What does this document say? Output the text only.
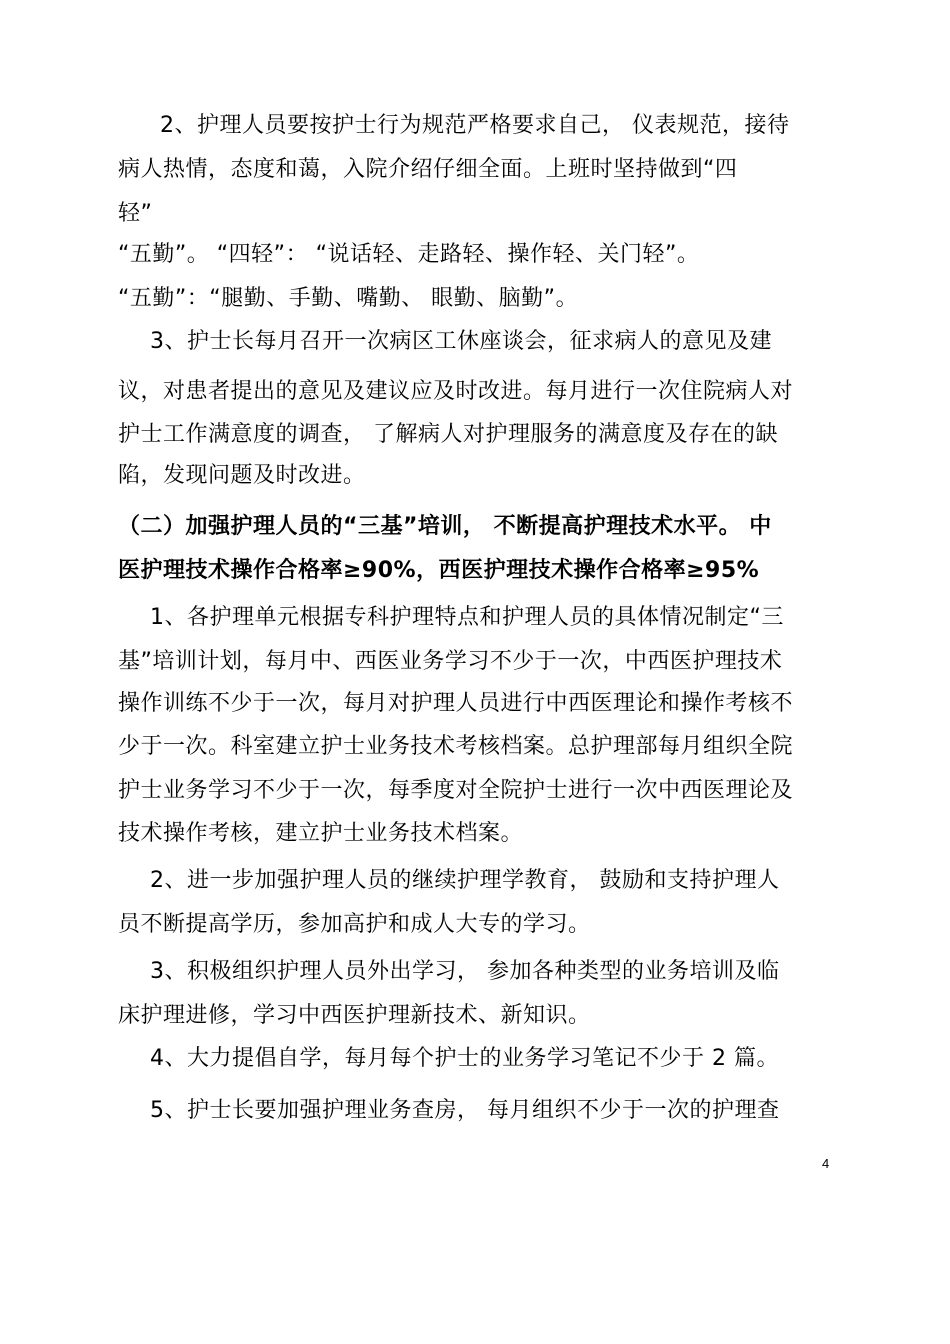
2、护理人员要按护士行为规范严格要求自己， 仪表规范，接待
病人热情，态度和蔼，入院介绍仔细全面。上班时坚持做到“四
轻”
“五勤”。 “四轻”： “说话轻、走路轻、操作轻、关门轻”。
“五勤”：“腿勤、手勤、嘴勤、 眼勤、脑勤”。
3、护士长每月召开一次病区工休座谈会，征求病人的意见及建
议，对患者提出的意见及建议应及时改进。每月进行一次住院病人对
护士工作满意度的调查， 了解病人对护理服务的满意度及存在的缺
陷，发现问题及时改进。
（二）加强护理人员的“三基”培训， 不断提高护理技术水平。 中
医护理技术操作合格率≥90%，西医护理技术操作合格率≥95%
1、各护理单元根据专科护理特点和护理人员的具体情况制定“三
基”培训计划，每月中、西医业务学习不少于一次，中西医护理技术
操作训练不少于一次，每月对护理人员进行中西医理论和操作考核不
少于一次。科室建立护士业务技术考核档案。总护理部每月组织全院
护士业务学习不少于一次，每季度对全院护士进行一次中西医理论及
技术操作考核，建立护士业务技术档案。
2、进一步加强护理人员的继续护理学教育， 鼓励和支持护理人
员不断提高学历，参加高护和成人大专的学习。
3、积极组织护理人员外出学习， 参加各种类型的业务培训及临
床护理进修，学习中西医护理新技术、新知识。
4、大力提倡自学，每月每个护士的业务学习笔记不少于 2 篇。
5、护士长要加强护理业务查房， 每月组织不少于一次的护理查
4
